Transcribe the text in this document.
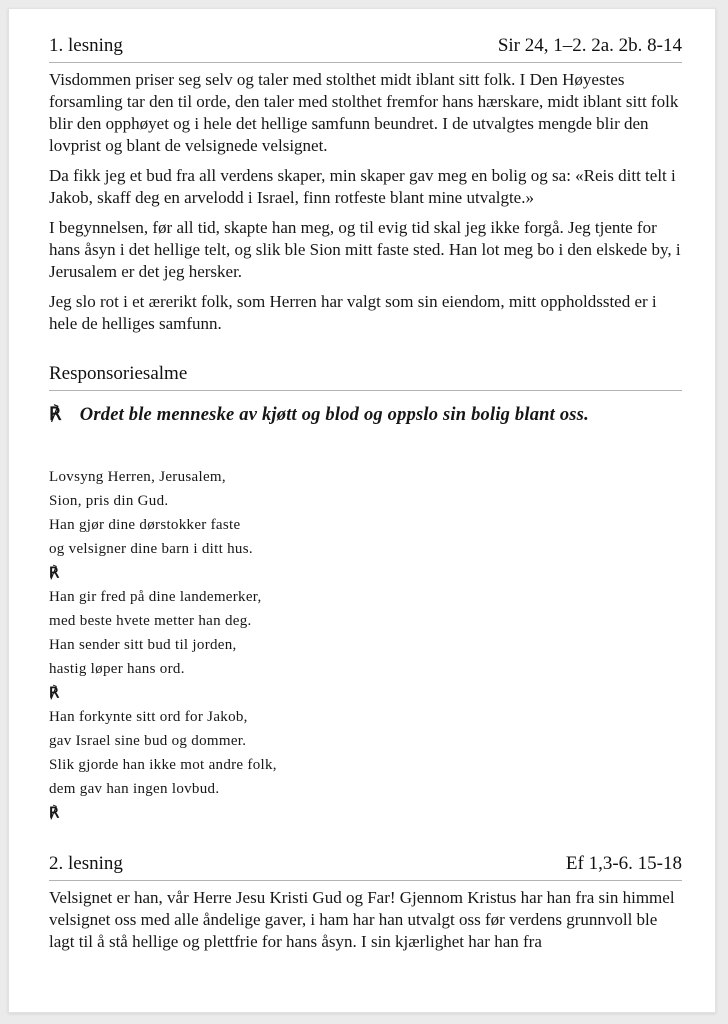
1. lesning	Sir 24, 1–2. 2a. 2b. 8-14

Visdommen priser seg selv og taler med stolthet midt iblant sitt folk. I Den Høyestes forsamling tar den til orde, den taler med stolthet fremfor hans hærskare, midt iblant sitt folk blir den opphøyet og i hele det hellige samfunn beundret. I de utvalgtes mengde blir den lovprist og blant de velsignede velsignet.

Da fikk jeg et bud fra all verdens skaper, min skaper gav meg en bolig og sa: «Reis ditt telt i Jakob, skaff deg en arvelodd i Israel, finn rotfeste blant mine utvalgte.»

I begynnelsen, før all tid, skapte han meg, og til evig tid skal jeg ikke forgå. Jeg tjente for hans åsyn i det hellige telt, og slik ble Sion mitt faste sted. Han lot meg bo i den elskede by, i Jerusalem er det jeg hersker.

Jeg slo rot i et ærerikt folk, som Herren har valgt som sin eiendom, mitt oppholdssted er i hele de helliges samfunn.

Responsoriesalme
℟ Ordet ble menneske av kjøtt og blod og oppslo sin bolig blant oss.
Lovsyng Herren, Jerusalem,
Sion, pris din Gud.
Han gjør dine dørstokker faste
og velsigner dine barn i ditt hus.
℟
Han gir fred på dine landemerker,
med beste hvete metter han deg.
Han sender sitt bud til jorden,
hastig løper hans ord.
℟
Han forkynte sitt ord for Jakob,
gav Israel sine bud og dommer.
Slik gjorde han ikke mot andre folk,
dem gav han ingen lovbud.
℟
2. lesning	Ef 1,3-6. 15-18

Velsignet er han, vår Herre Jesu Kristi Gud og Far! Gjennom Kristus har han fra sin himmel velsignet oss med alle åndelige gaver, i ham har han utvalgt oss før verdens grunnvoll ble lagt til å stå hellige og plettfrie for hans åsyn. I sin kjærlighet har han fra
